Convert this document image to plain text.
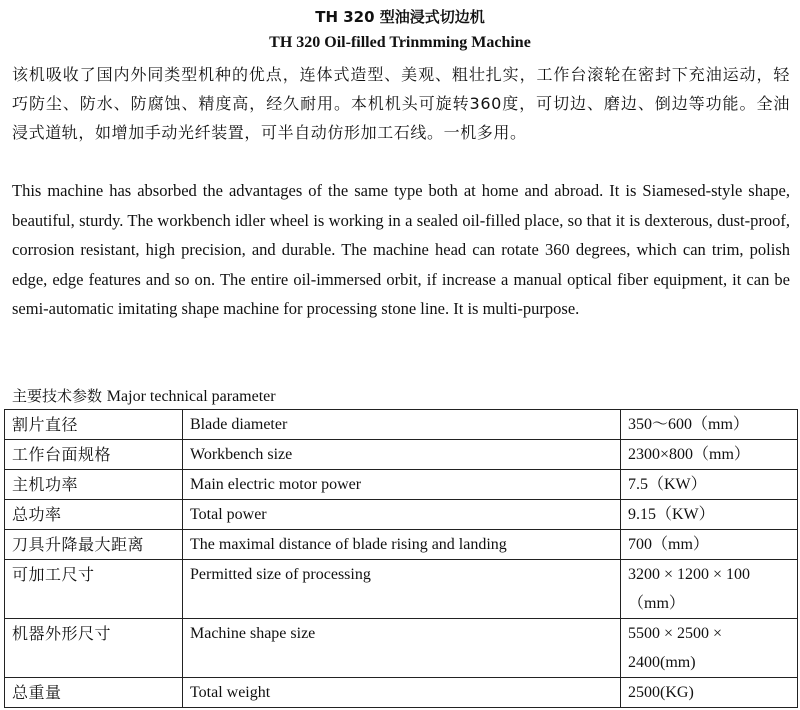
TH 320 型油浸式切边机
TH 320 Oil-filled Trinmming Machine
该机吸收了国内外同类型机种的优点，连体式造型、美观、粗壮扎实，工作台滚轮在密封下充油运动，轻巧防尘、防水、防腐蚀、精度高，经久耐用。本机机头可旋转360度，可切边、磨边、倒边等功能。全油浸式道轨，如增加手动光纤装置，可半自动仿形加工石线。一机多用。
This machine has absorbed the advantages of the same type both at home and abroad. It is Siamesed-style shape, beautiful, sturdy. The workbench idler wheel is working in a sealed oil-filled place, so that it is dexterous, dust-proof, corrosion resistant, high precision, and durable. The machine head can rotate 360 degrees, which can trim, polish edge, edge features and so on. The entire oil-immersed orbit, if increase a manual optical fiber equipment, it can be semi-automatic imitating shape machine for processing stone line. It is multi-purpose.
主要技术参数 Major technical parameter
割片直径	Blade diameter	350～600（mm）
工作台面规格	Workbench size	2300×800（mm）
主机功率	Main electric motor power	7.5（KW）
总功率	Total power	9.15（KW）
刀具升降最大距离	The maximal distance of blade rising and landing	700（mm）
可加工尺寸	Permitted size of processing	3200 × 1200 × 100（mm）
机器外形尺寸	Machine shape size	5500 × 2500 × 2400(mm)
总重量	Total weight	2500(KG)
